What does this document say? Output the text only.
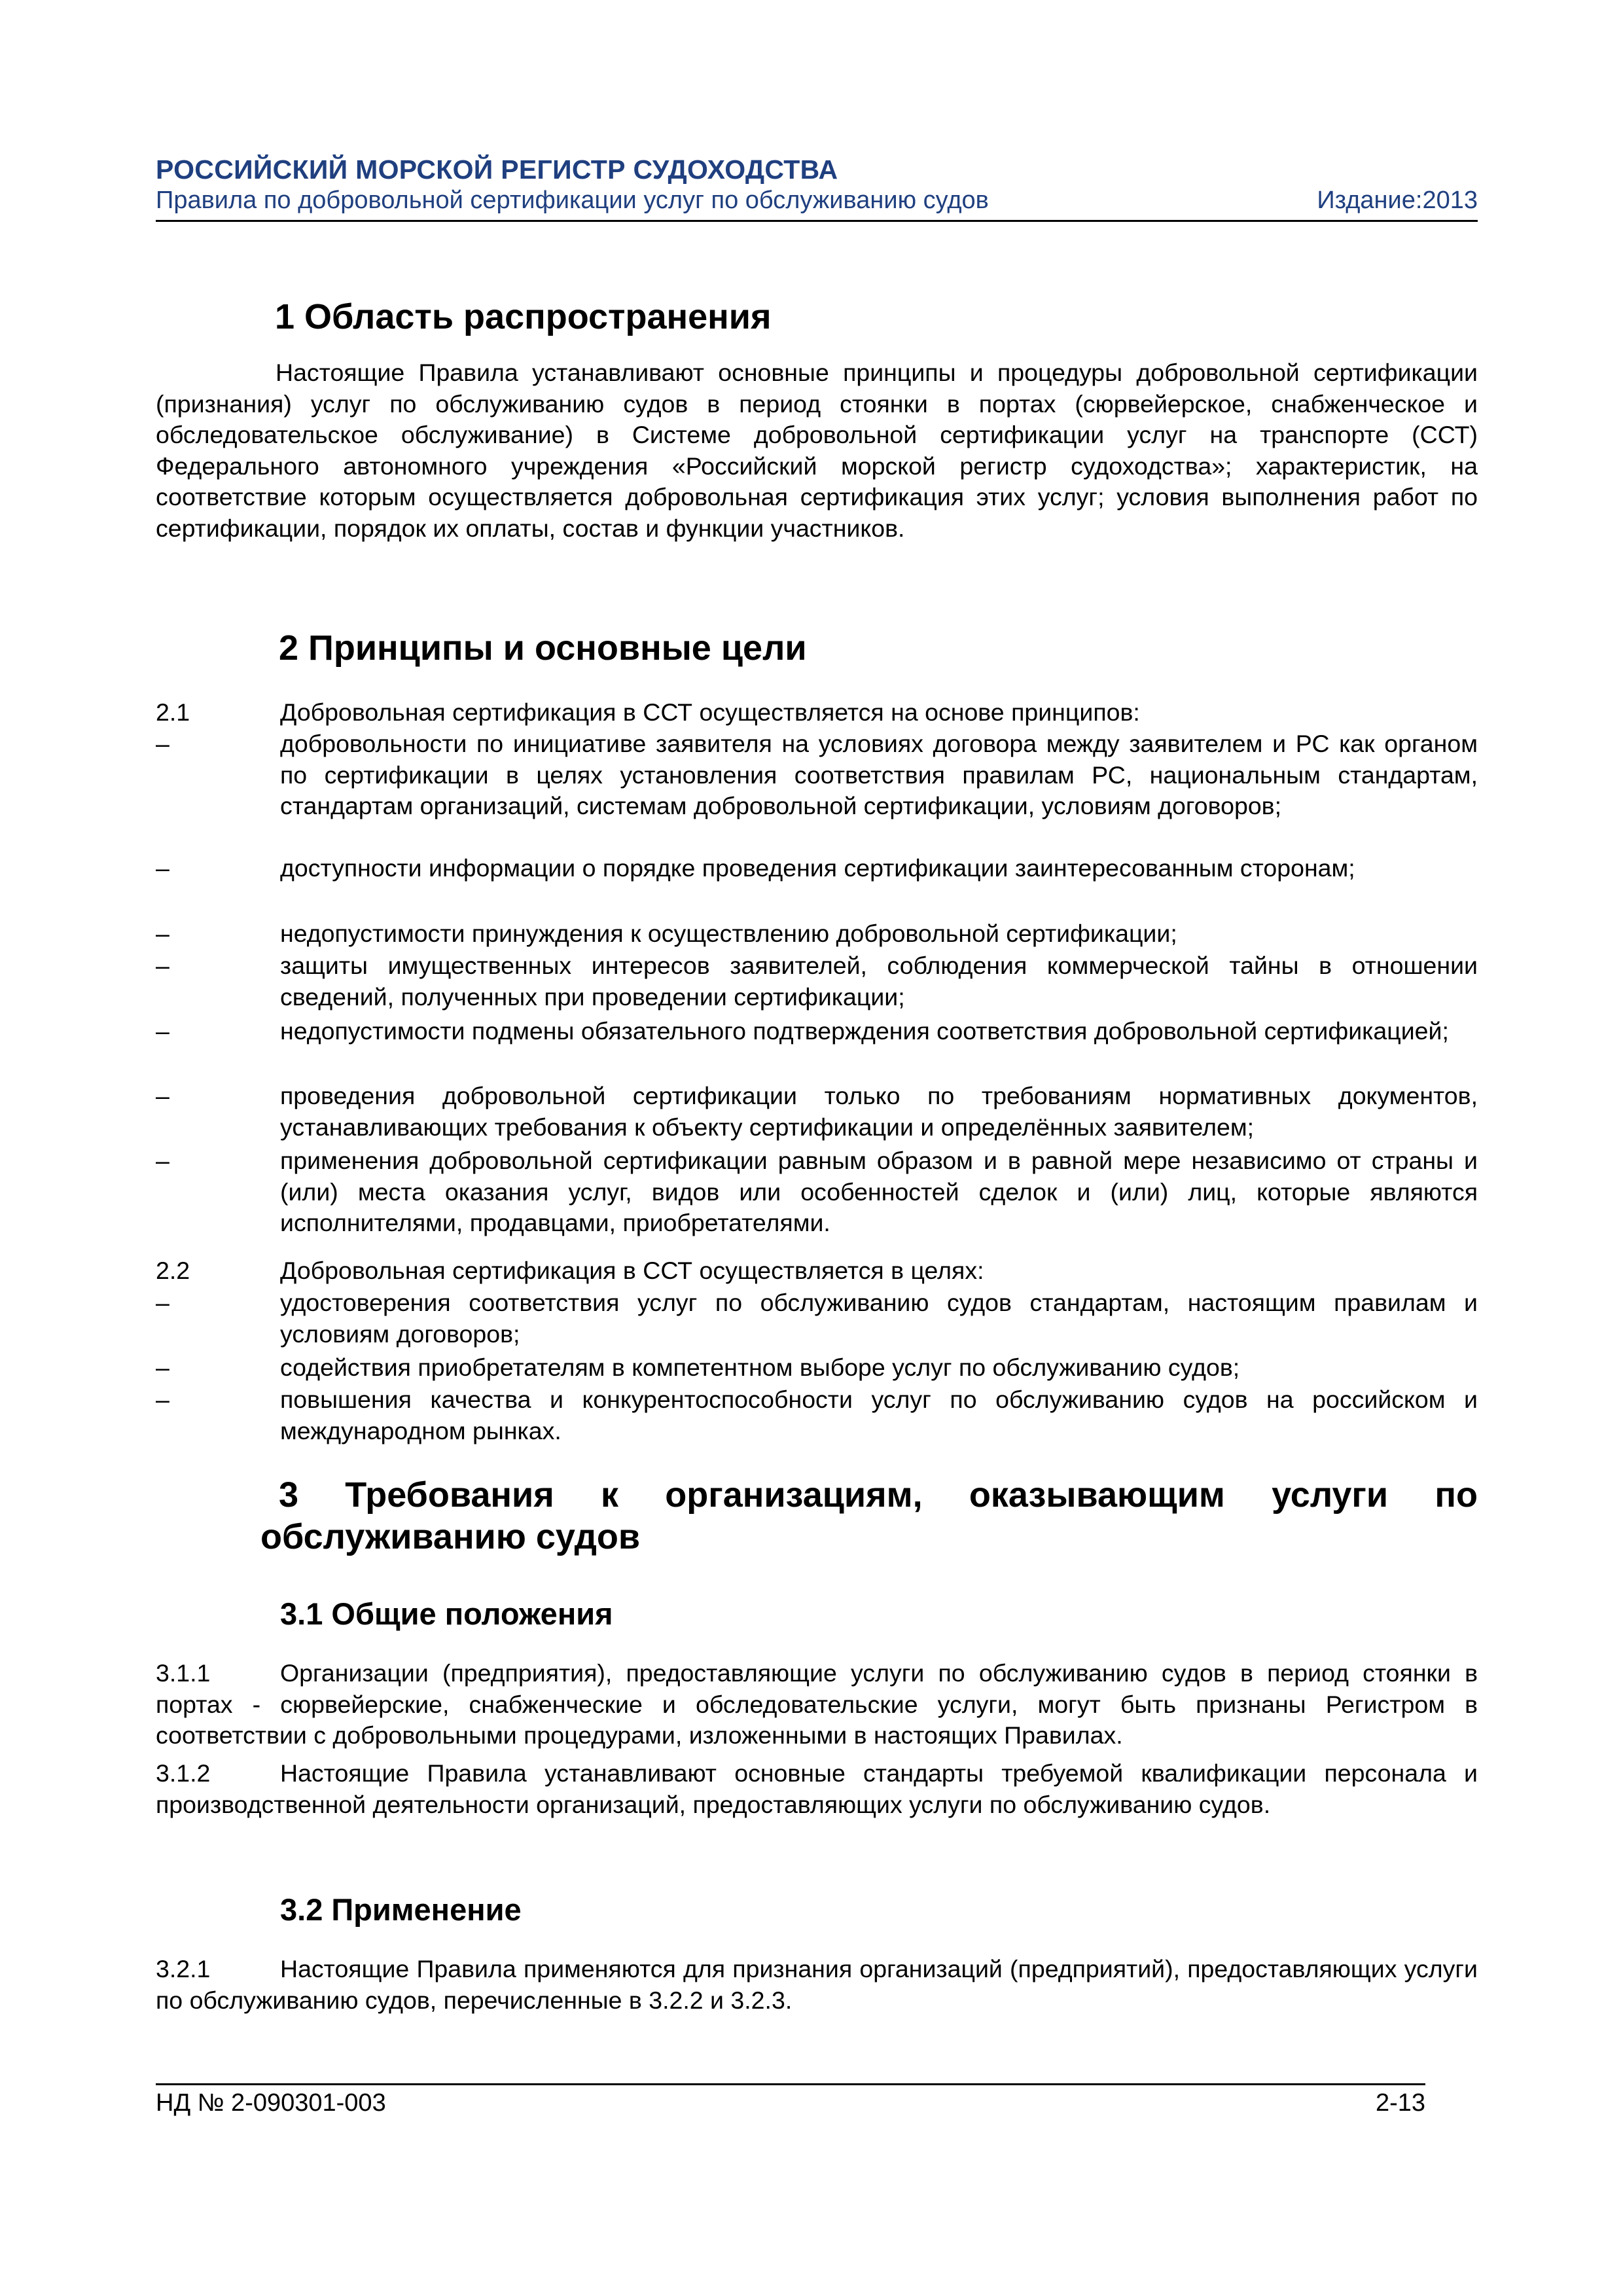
РОССИЙСКИЙ МОРСКОЙ РЕГИСТР СУДОХОДСТВА
Правила по добровольной сертификации услуг по обслуживанию судов	Издание:2013
1 Область распространения
Настоящие Правила устанавливают основные принципы и процедуры добровольной сертификации (признания) услуг по обслуживанию судов в период стоянки в портах (сюрвейерское, снабженческое и обследовательское обслуживание) в Системе добровольной сертификации услуг на транспорте (ССТ) Федерального автономного учреждения «Российский морской регистр судоходства»; характеристик, на соответствие которым осуществляется добровольная сертификация этих услуг; условия выполнения работ по сертификации, порядок их оплаты, состав и функции участников.
2 Принципы и основные цели
2.1	Добровольная сертификация в ССТ осуществляется на основе принципов:
–	добровольности по инициативе заявителя на условиях договора между заявителем и РС как органом по сертификации в целях установления соответствия правилам РС, национальным стандартам, стандартам организаций, системам добровольной сертификации, условиям договоров;
–	доступности информации о порядке проведения сертификации заинтересованным сторонам;
–	недопустимости принуждения к осуществлению добровольной сертификации;
–	защиты имущественных интересов заявителей, соблюдения коммерческой тайны в отношении сведений, полученных при проведении сертификации;
–	недопустимости подмены обязательного подтверждения соответствия добровольной сертификацией;
–	проведения добровольной сертификации только по требованиям нормативных документов, устанавливающих требования к объекту сертификации и определённых заявителем;
–	применения добровольной сертификации равным образом и в равной мере независимо от страны и (или) места оказания услуг, видов или особенностей сделок и (или) лиц, которые являются исполнителями, продавцами, приобретателями.
2.2	Добровольная сертификация в ССТ осуществляется в целях:
–	удостоверения соответствия услуг по обслуживанию судов стандартам, настоящим правилам и условиям договоров;
–	содействия приобретателям в компетентном выборе услуг по обслуживанию судов;
–	повышения качества и конкурентоспособности услуг по обслуживанию судов на российском и международном рынках.
3 Требования к организациям, оказывающим услуги по
обслуживанию судов
3.1 Общие положения
3.1.1	Организации (предприятия), предоставляющие услуги по обслуживанию судов в период стоянки в портах - сюрвейерские, снабженческие и обследовательские услуги, могут быть признаны Регистром в соответствии с добровольными процедурами, изложенными в настоящих Правилах.
3.1.2	Настоящие Правила устанавливают основные стандарты требуемой квалификации персонала и производственной деятельности организаций, предоставляющих услуги по обслуживанию судов.
3.2 Применение
3.2.1	Настоящие Правила применяются для признания организаций (предприятий), предоставляющих услуги по обслуживанию судов, перечисленные в 3.2.2 и 3.2.3.
НД № 2-090301-003	2-13
